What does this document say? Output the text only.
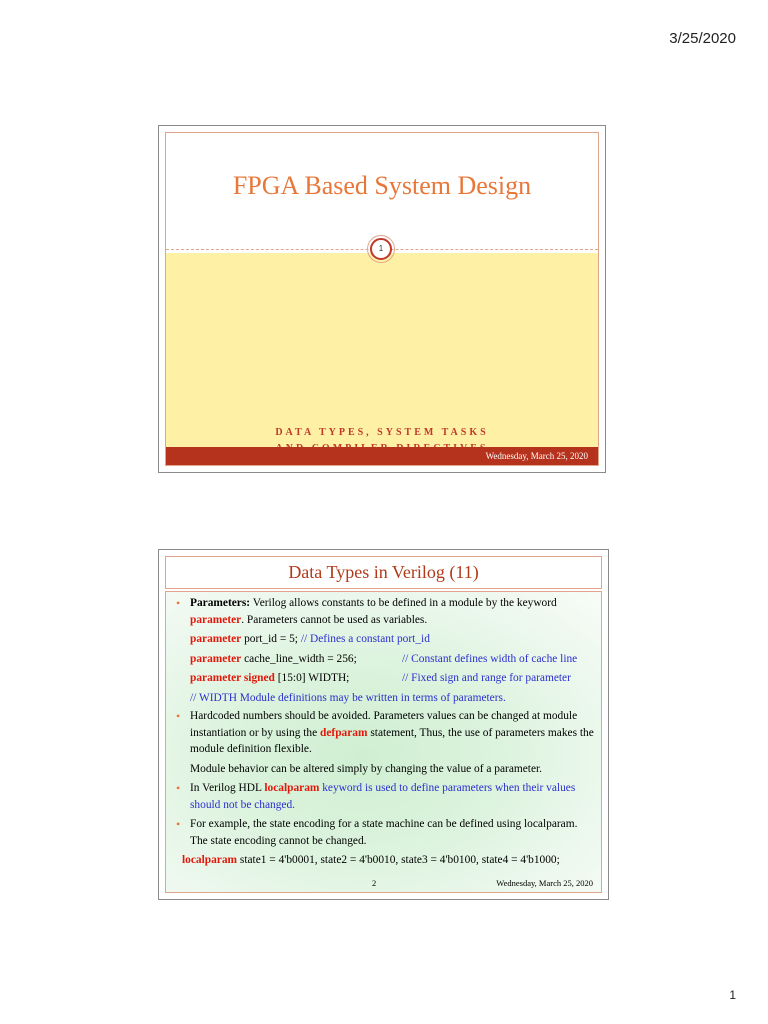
3/25/2020
FPGA Based System Design
DATA TYPES, SYSTEM TASKS
1
Wednesday, March 25, 2020
Data Types in Verilog (11)
• Parameters: Verilog allows constants to be defined in a module by the keyword parameter. Parameters cannot be used as variables.
parameter port_id = 5; // Defines a constant port_id
parameter cache_line_width = 256;	// Constant defines width of cache line
parameter signed [15:0] WIDTH;	// Fixed sign and range for parameter
// WIDTH Module definitions may be written in terms of parameters.
• Hardcoded numbers should be avoided. Parameters values can be changed at module instantiation or by using the defparam statement, Thus, the use of parameters makes the module definition flexible.
Module behavior can be altered simply by changing the value of a parameter.
• In Verilog HDL localparam keyword is used to define parameters when their values should not be changed.
• For example, the state encoding for a state machine can be defined using localparam. The state encoding cannot be changed.
localparam state1 = 4'b0001, state2 = 4'b0010, state3 = 4'b0100, state4 = 4'b1000;
2	Wednesday, March 25, 2020
1
